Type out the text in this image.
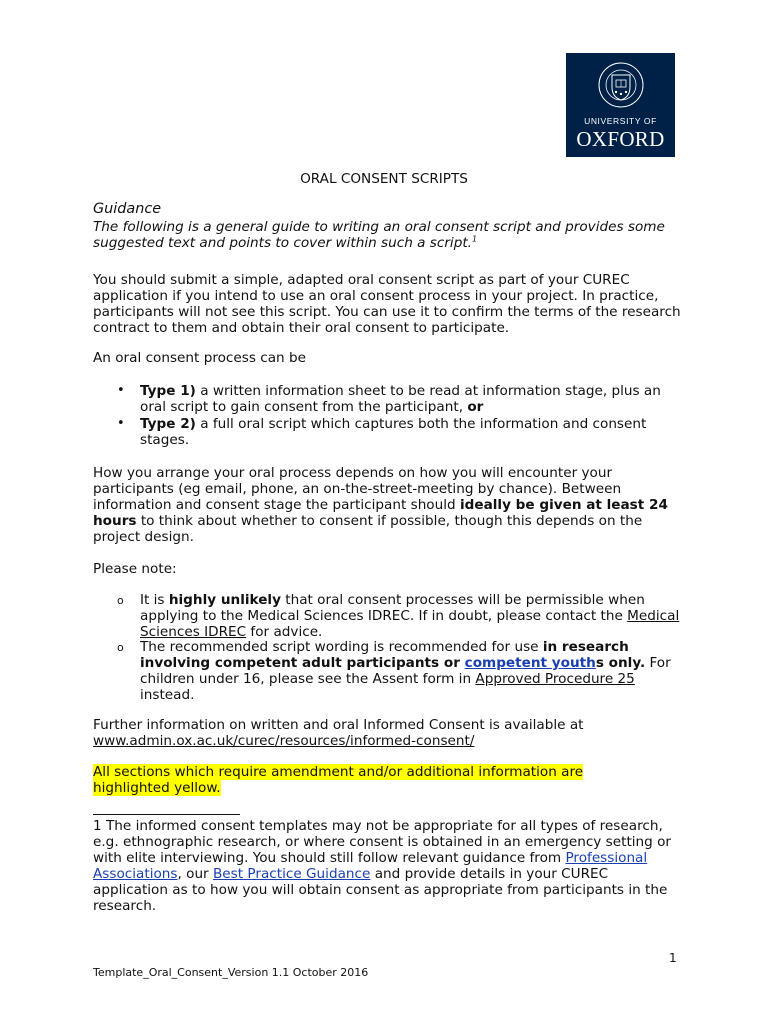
UNIVERSITY OF
OXFORD
ORAL CONSENT SCRIPTS
Guidance
The following is a general guide to writing an oral consent script and provides some suggested text and points to cover within such a script.$^1$
You should submit a simple, adapted oral consent script as part of your CUREC application if you intend to use an oral consent process in your project. In practice, participants will not see this script. You can use it to confirm the terms of the research contract to them and obtain their oral consent to participate.
An oral consent process can be
• Type 1) a written information sheet to be read at information stage, plus an oral script to gain consent from the participant, or
• Type 2) a full oral script which captures both the information and consent stages.
How you arrange your oral process depends on how you will encounter your participants (eg email, phone, an on-the-street-meeting by chance). Between information and consent stage the participant should ideally be given at least 24 hours to think about whether to consent if possible, though this depends on the project design.
Please note:
o It is highly unlikely that oral consent processes will be permissible when applying to the Medical Sciences IDREC. If in doubt, please contact the Medical Sciences IDREC for advice.
o The recommended script wording is recommended for use in research involving competent adult participants or competent youths only. For children under 16, please see the Assent form in Approved Procedure 25 instead.
Further information on written and oral Informed Consent is available at
www.admin.ox.ac.uk/curec/resources/informed-consent/
All sections which require amendment and/or additional information are highlighted yellow.
1 The informed consent templates may not be appropriate for all types of research, e.g. ethnographic research, or where consent is obtained in an emergency setting or with elite interviewing. You should still follow relevant guidance from Professional Associations, our Best Practice Guidance and provide details in your CUREC application as to how you will obtain consent as appropriate from participants in the research.
1
Template_Oral_Consent_Version 1.1 October 2016
